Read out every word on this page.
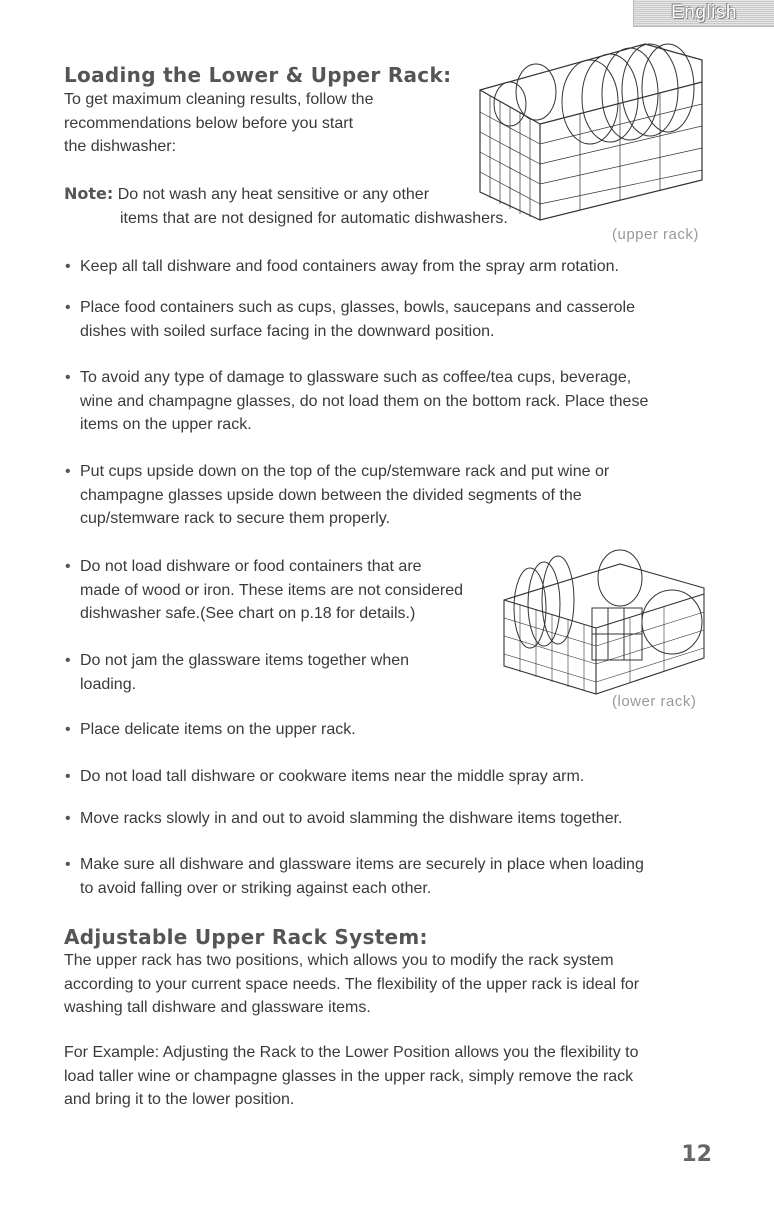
English
Loading the Lower & Upper Rack:
To get maximum cleaning results, follow the
recommendations below before you start
the dishwasher:
Note: Do not wash any heat sensitive or any other
items that are not designed for automatic dishwashers.
(upper rack)
• Keep all tall dishware and food containers away from the spray arm rotation.
• Place food containers such as cups, glasses, bowls, saucepans and casserole
dishes with soiled surface facing in the downward position.
• To avoid any type of damage to glassware such as coffee/tea cups, beverage,
wine and champagne glasses, do not load them on the bottom rack. Place these
items on the upper rack.
• Put cups upside down on the top of the cup/stemware rack and put wine or
champagne glasses upside down between the divided segments of the
cup/stemware rack to secure them properly.
• Do not load dishware or food containers that are
made of wood or iron. These items are not considered
dishwasher safe.(See chart on p.18 for details.)
• Do not jam the glassware items together when
loading.
(lower rack)
• Place delicate items on the upper rack.
• Do not load tall dishware or cookware items near the middle spray arm.
• Move racks slowly in and out to avoid slamming the dishware items together.
• Make sure all dishware and glassware items are securely in place when loading
to avoid falling over or striking against each other.
Adjustable Upper Rack System:
The upper rack has two positions, which allows you to modify the rack system
according to your current space needs. The flexibility of the upper rack is ideal for
washing tall dishware and glassware items.
For Example: Adjusting the Rack to the Lower Position allows you the flexibility to
load taller wine or champagne glasses in the upper rack, simply remove the rack
and bring it to the lower position.
12
